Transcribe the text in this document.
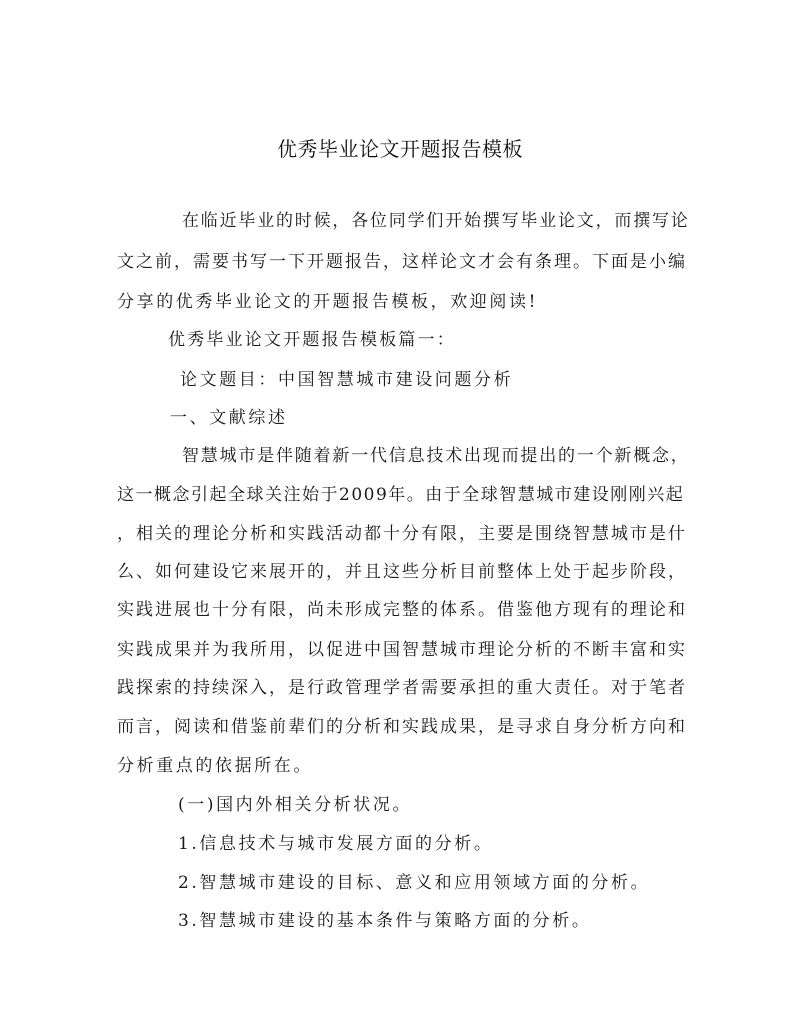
优秀毕业论文开题报告模板
在临近毕业的时候，各位同学们开始撰写毕业论文，而撰写论
文之前，需要书写一下开题报告，这样论文才会有条理。下面是小编
分享的优秀毕业论文的开题报告模板，欢迎阅读!
优秀毕业论文开题报告模板篇一：
论文题目：中国智慧城市建设问题分析
一、文献综述
智慧城市是伴随着新一代信息技术出现而提出的一个新概念，
这一概念引起全球关注始于2009年。由于全球智慧城市建设刚刚兴起
，相关的理论分析和实践活动都十分有限，主要是围绕智慧城市是什
么、如何建设它来展开的，并且这些分析目前整体上处于起步阶段，
实践进展也十分有限，尚未形成完整的体系。借鉴他方现有的理论和
实践成果并为我所用，以促进中国智慧城市理论分析的不断丰富和实
践探索的持续深入，是行政管理学者需要承担的重大责任。对于笔者
而言，阅读和借鉴前辈们的分析和实践成果，是寻求自身分析方向和
分析重点的依据所在。
(一)国内外相关分析状况。
1.信息技术与城市发展方面的分析。
2.智慧城市建设的目标、意义和应用领域方面的分析。
3.智慧城市建设的基本条件与策略方面的分析。
